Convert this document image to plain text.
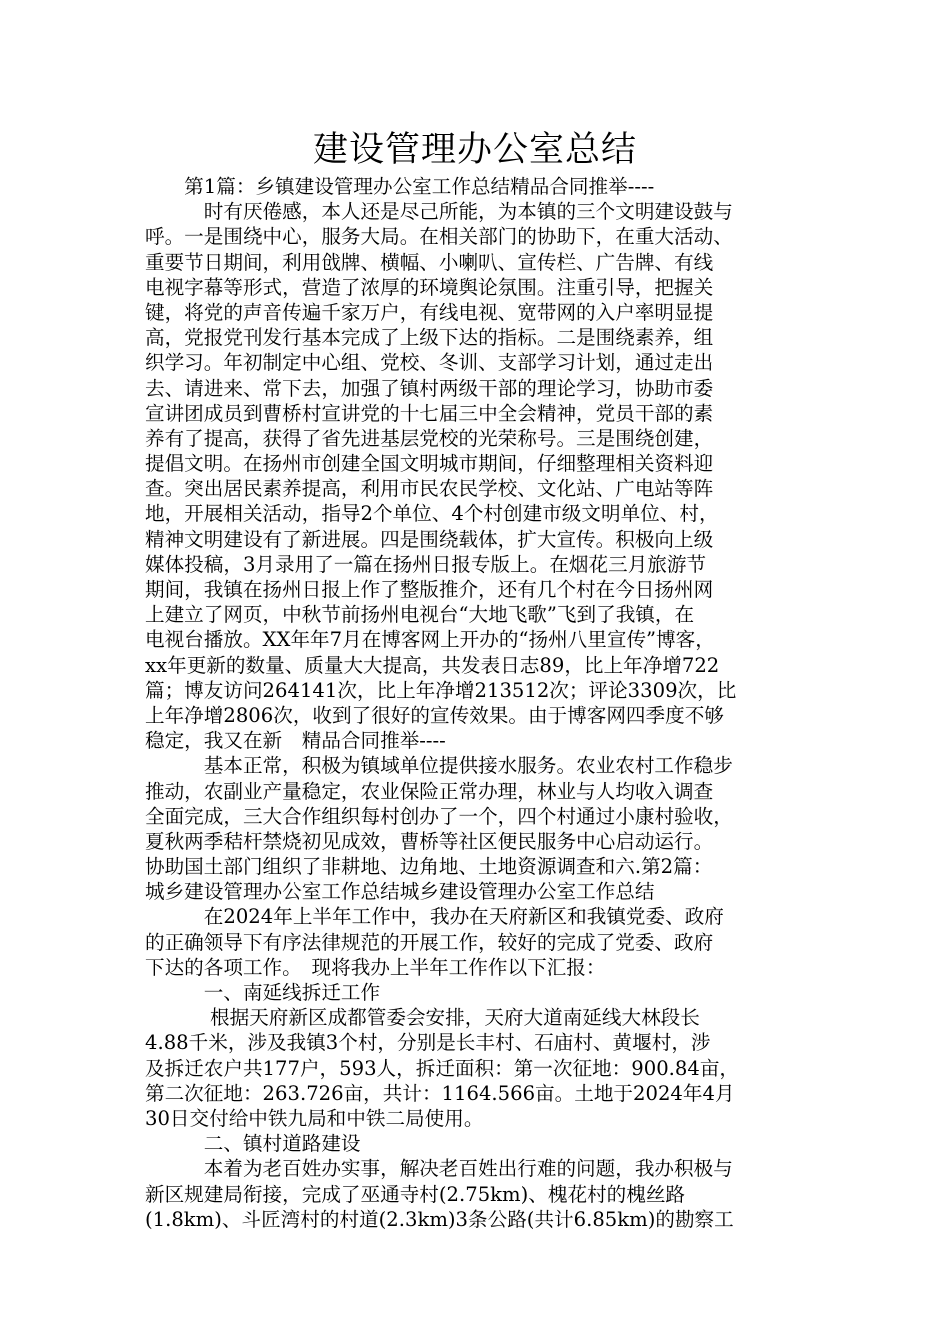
建设管理办公室总结
　　第1篇：乡镇建设管理办公室工作总结精品合同推举----
　　　时有厌倦感，本人还是尽己所能，为本镇的三个文明建设鼓与
呼。一是围绕中心，服务大局。在相关部门的协助下，在重大活动、
重要节日期间，利用戗牌、横幅、小喇叭、宣传栏、广告牌、有线
电视字幕等形式，营造了浓厚的环境舆论氛围。注重引导，把握关
键，将党的声音传遍千家万户，有线电视、宽带网的入户率明显提
高，党报党刊发行基本完成了上级下达的指标。二是围绕素养，组
织学习。年初制定中心组、党校、冬训、支部学习计划，通过走出
去、请进来、常下去，加强了镇村两级干部的理论学习，协助市委
宣讲团成员到曹桥村宣讲党的十七届三中全会精神，党员干部的素
养有了提高，获得了省先进基层党校的光荣称号。三是围绕创建，
提倡文明。在扬州市创建全国文明城市期间，仔细整理相关资料迎
查。突出居民素养提高，利用市民农民学校、文化站、广电站等阵
地，开展相关活动，指导2个单位、4个村创建市级文明单位、村，
精神文明建设有了新进展。四是围绕载体，扩大宣传。积极向上级
媒体投稿，3月录用了一篇在扬州日报专版上。在烟花三月旅游节
期间，我镇在扬州日报上作了整版推介，还有几个村在今日扬州网
上建立了网页，中秋节前扬州电视台“大地飞歌”飞到了我镇，在
电视台播放。XX年年7月在博客网上开办的“扬州八里宣传”博客，
xx年更新的数量、质量大大提高，共发表日志89，比上年净增722
篇；博友访问264141次，比上年净增213512次；评论3309次，比
上年净增2806次，收到了很好的宣传效果。由于博客网四季度不够
稳定，我又在新　精品合同推举----
　　　基本正常，积极为镇域单位提供接水服务。农业农村工作稳步
推动，农副业产量稳定，农业保险正常办理，林业与人均收入调查
全面完成，三大合作组织每村创办了一个，四个村通过小康村验收，
夏秋两季秸杆禁烧初见成效，曹桥等社区便民服务中心启动运行。
协助国土部门组织了非耕地、边角地、土地资源调查和六.第2篇：
城乡建设管理办公室工作总结城乡建设管理办公室工作总结
　　　在2024年上半年工作中，我办在天府新区和我镇党委、政府
的正确领导下有序法律规范的开展工作，较好的完成了党委、政府
下达的各项工作。　现将我办上半年工作作以下汇报：
　　　一、南延线拆迁工作
　　　 根据天府新区成都管委会安排，天府大道南延线大林段长
4.88千米，涉及我镇3个村，分别是长丰村、石庙村、黄堰村，涉
及拆迁农户共177户，593人，拆迁面积：第一次征地：900.84亩，
第二次征地：263.726亩，共计：1164.566亩。土地于2024年4月
30日交付给中铁九局和中铁二局使用。
　　　二、镇村道路建设
　　　本着为老百姓办实事，解决老百姓出行难的问题，我办积极与
新区规建局衔接，完成了巫通寺村(2.75km)、槐花村的槐丝路
(1.8km)、斗匠湾村的村道(2.3km)3条公路(共计6.85km)的勘察工
